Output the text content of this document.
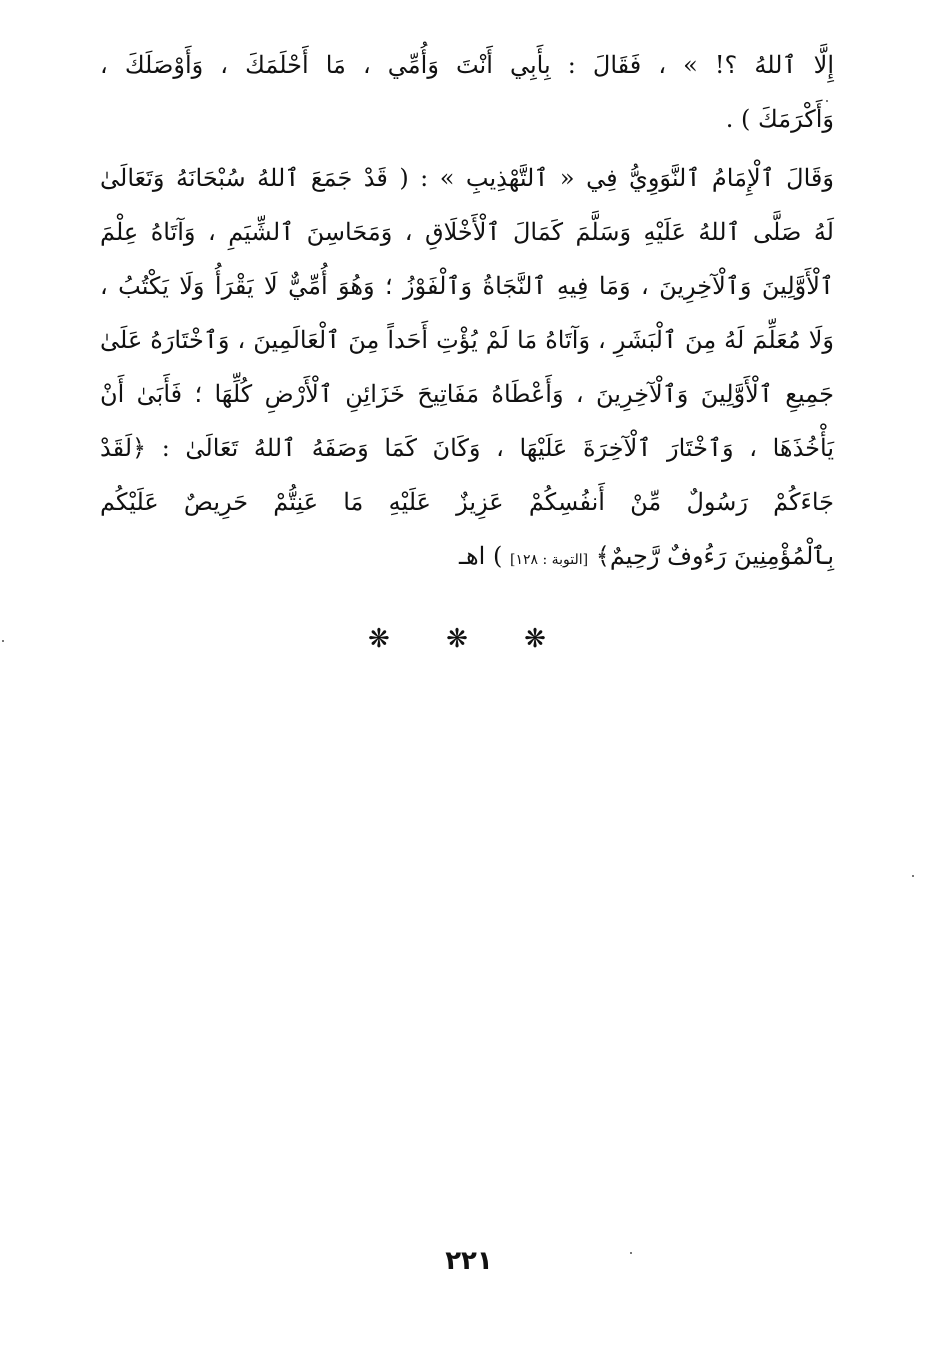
إِلَّا ٱللهُ ؟! » ، فَقَالَ : بِأَبِي أَنْتَ وَأُمِّي ، مَا أَحْلَمَكَ ، وَأَوْصَلَكَ ،
وَأَكْرَمَكَ ) .
وَقَالَ ٱلْإِمَامُ ٱلنَّوَوِيُّ فِي « ٱلتَّهْذِيبِ » : ( قَدْ جَمَعَ ٱللهُ سُبْحَانَهُ وَتَعَالَىٰ
لَهُ صَلَّى ٱللهُ عَلَيْهِ وَسَلَّمَ كَمَالَ ٱلْأَخْلَاقِ ، وَمَحَاسِنَ ٱلشِّيَمِ ، وَآتَاهُ عِلْمَ
ٱلْأَوَّلِينَ وَٱلْآخِرِينَ ، وَمَا فِيهِ ٱلنَّجَاةُ وَٱلْفَوْزُ ؛ وَهُوَ أُمِّيٌّ لَا يَقْرَأُ وَلَا يَكْتُبُ ،
وَلَا مُعَلِّمَ لَهُ مِنَ ٱلْبَشَرِ ، وَآتَاهُ مَا لَمْ يُؤْتِ أَحَداً مِنَ ٱلْعَالَمِينَ ، وَٱخْتَارَهُ عَلَىٰ
جَمِيعِ ٱلْأَوَّلِينَ وَٱلْآخِرِينَ ، وَأَعْطَاهُ مَفَاتِيحَ خَزَائِنِ ٱلْأَرْضِ كُلِّهَا ؛ فَأَبَىٰ أَنْ
يَأْخُذَهَا ، وَٱخْتَارَ ٱلْآخِرَةَ عَلَيْهَا ، وَكَانَ كَمَا وَصَفَهُ ٱللهُ تَعَالَىٰ : ﴿لَقَدْ
جَاءَكُمْ رَسُولٌ مِّنْ أَنفُسِكُمْ عَزِيزٌ عَلَيْهِ مَا عَنِتُّمْ حَرِيصٌ عَلَيْكُم
بِٱلْمُؤْمِنِينَ رَءُوفٌ رَّحِيمٌ﴾ [التوبة : ١٢٨] ) اهـ
❋ ❋ ❋
٢٢١
